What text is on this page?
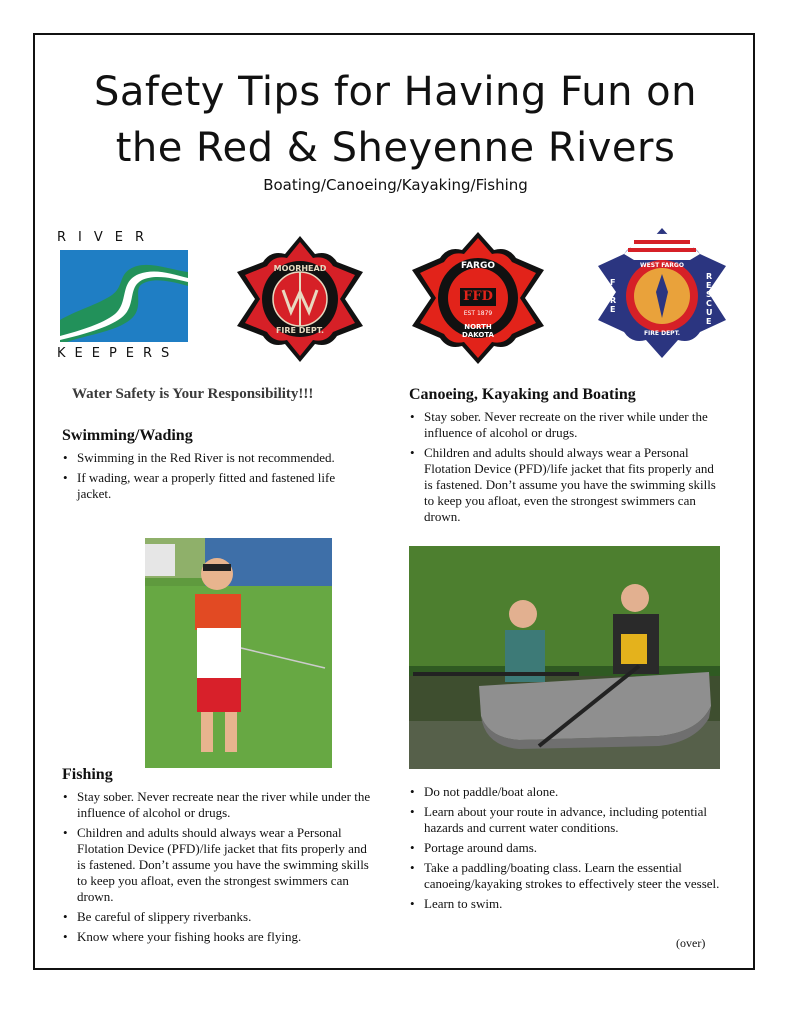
Safety Tips for Having Fun on
the Red & Sheyenne Rivers
Boating/Canoeing/Kayaking/Fishing
RIVER
KEEPERS
MOORHEAD
FIRE DEPT.
FARGO
FFD
EST 1879
NORTH DAKOTA
WEST FARGO
FIRE
RESCUE
FIRE DEPT.
Water Safety is Your Responsibility!!!
Swimming/Wading
• Swimming in the Red River is not recommended.
• If wading, wear a properly fitted and fastened life jacket.
Fishing
• Stay sober. Never recreate near the river while under the influence of alcohol or drugs.
• Children and adults should always wear a Personal Flotation Device (PFD)/life jacket that fits properly and is fastened. Don’t assume you have the swimming skills to keep you afloat, even the strongest swimmers can drown.
• Be careful of slippery riverbanks.
• Know where your fishing hooks are flying.
Canoeing, Kayaking and Boating
• Stay sober. Never recreate on the river while under the influence of alcohol or drugs.
• Children and adults should always wear a Personal Flotation Device (PFD)/life jacket that fits properly and is fastened. Don’t assume you have the swimming skills to keep you afloat, even the strongest swimmers can drown.
• Do not paddle/boat alone.
• Learn about your route in advance, including potential hazards and current water conditions.
• Portage around dams.
• Take a paddling/boating class. Learn the essential canoeing/kayaking strokes to effectively steer the vessel.
• Learn to swim.
(over)
